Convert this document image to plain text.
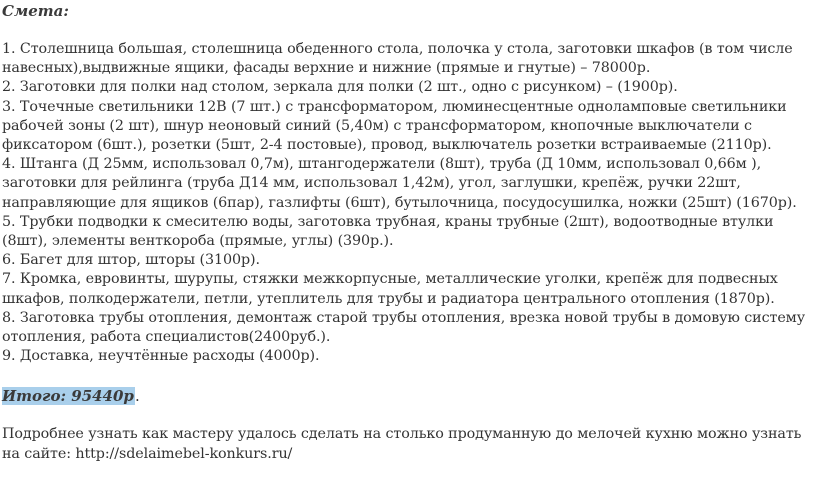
Смета:

1. Столешница большая, столешница обеденного стола, полочка у стола, заготовки шкафов (в том числе навесных),выдвижные ящики, фасады верхние и нижние (прямые и гнутые) – 78000р.
2. Заготовки для полки над столом, зеркала для полки (2 шт., одно с рисунком) – (1900р).
3. Точечные светильники 12В (7 шт.) с трансформатором, люминесцентные одноламповые светильники рабочей зоны (2 шт), шнур неоновый синий (5,40м) с трансформатором, кнопочные выключатели с фиксатором (6шт.), розетки (5шт, 2-4 постовые), провод, выключатель розетки встраиваемые (2110р).
4. Штанга (Д 25мм, использовал 0,7м), штангодержатели (8шт), труба (Д 10мм, использовал 0,66м ), заготовки для рейлинга (труба Д14 мм, использовал 1,42м), угол, заглушки, крепёж, ручки 22шт, направляющие для ящиков (6пар), газлифты (6шт), бутылочница, посудосушилка, ножки (25шт) (1670р).
5. Трубки подводки к смесителю воды, заготовка трубная, краны трубные (2шт), водоотводные втулки (8шт), элементы венткороба (прямые, углы) (390р.).
6. Багет для штор, шторы (3100р).
7. Кромка, евровинты, шурупы, стяжки межкорпусные, металлические уголки, крепёж для подвесных шкафов, полкодержатели, петли, утеплитель для трубы и радиатора центрального отопления (1870р).
8. Заготовка трубы отопления, демонтаж старой трубы отопления, врезка новой трубы в домовую систему отопления, работа специалистов(2400руб.).
9. Доставка, неучтённые расходы (4000р).

Итого: 95440р.

Подробнее узнать как мастеру удалось сделать на столько продуманную до мелочей кухню можно узнать на сайте: http://sdelaimebel-konkurs.ru/
